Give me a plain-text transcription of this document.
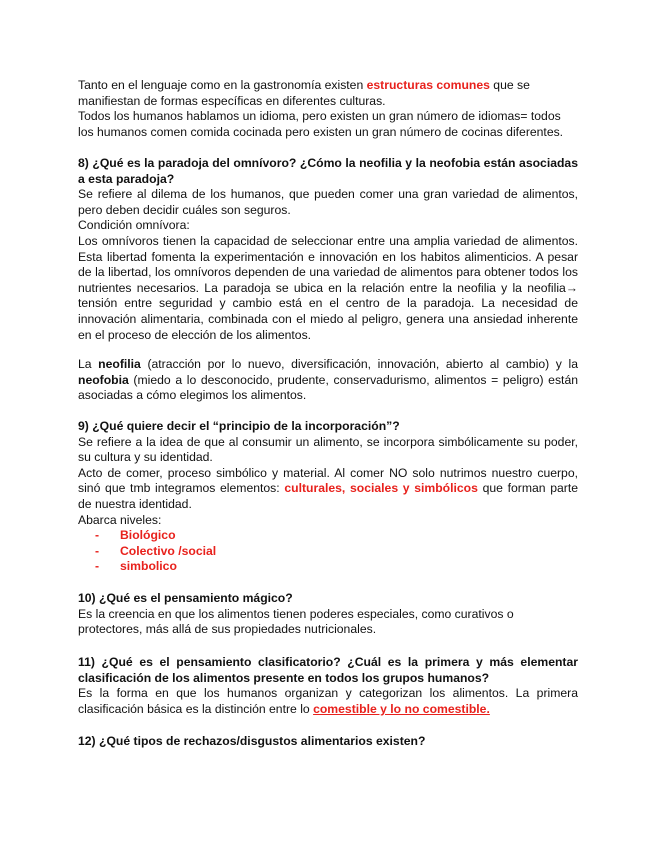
Tanto en el lenguaje como en la gastronomía existen estructuras comunes que se manifiestan de formas específicas en diferentes culturas.

Todos los humanos hablamos un idioma, pero existen un gran número de idiomas= todos los humanos comen comida cocinada pero existen un gran número de cocinas diferentes.

8) ¿Qué es la paradoja del omnívoro? ¿Cómo la neofilia y la neofobia están asociadas a esta paradoja?

Se refiere al dilema de los humanos, que pueden comer una gran variedad de alimentos, pero deben decidir cuáles son seguros.

Condición omnívora:

Los omnívoros tienen la capacidad de seleccionar entre una amplia variedad de alimentos. Esta libertad fomenta la experimentación e innovación en los habitos alimenticios. A pesar de la libertad, los omnívoros dependen de una variedad de alimentos para obtener todos los nutrientes necesarios. La paradoja se ubica en la relación entre la neofilia y la neofilia→ tensión entre seguridad y cambio está en el centro de la paradoja. La necesidad de innovación alimentaria, combinada con el miedo al peligro, genera una ansiedad inherente en el proceso de elección de los alimentos.

La neofilia (atracción por lo nuevo, diversificación, innovación, abierto al cambio) y la neofobia (miedo a lo desconocido, prudente, conservadurismo, alimentos = peligro) están asociadas a cómo elegimos los alimentos.

9) ¿Qué quiere decir el “principio de la incorporación”?

Se refiere a la idea de que al consumir un alimento, se incorpora simbólicamente su poder, su cultura y su identidad.

Acto de comer, proceso simbólico y material. Al comer NO solo nutrimos nuestro cuerpo, sinó que tmb integramos elementos: culturales, sociales y simbólicos que forman parte de nuestra identidad.

Abarca niveles:

- Biológico
- Colectivo /social
- simbolico

10) ¿Qué es el pensamiento mágico?

Es la creencia en que los alimentos tienen poderes especiales, como curativos o protectores, más allá de sus propiedades nutricionales.

11) ¿Qué es el pensamiento clasificatorio? ¿Cuál es la primera y más elementar clasificación de los alimentos presente en todos los grupos humanos?

Es la forma en que los humanos organizan y categorizan los alimentos. La primera clasificación básica es la distinción entre lo comestible y lo no comestible.

12) ¿Qué tipos de rechazos/disgustos alimentarios existen?
